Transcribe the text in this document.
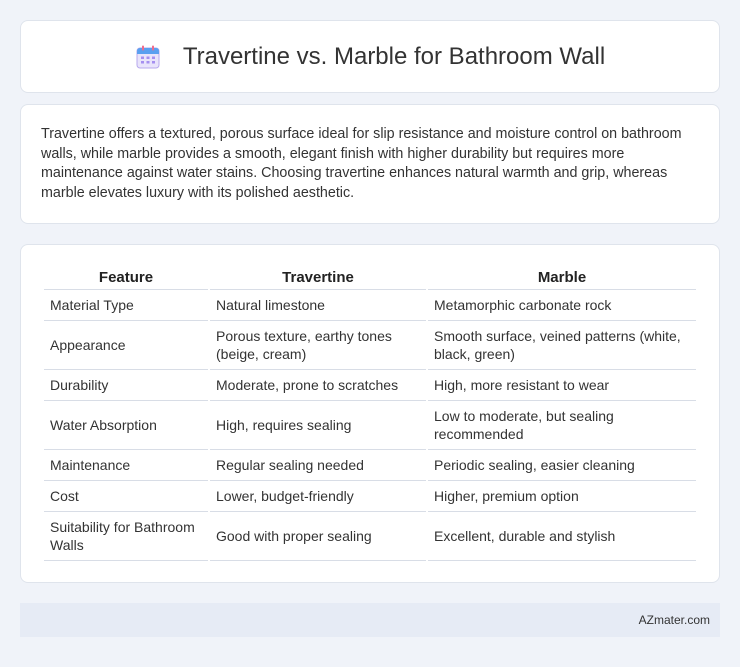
Travertine vs. Marble for Bathroom Wall

Travertine offers a textured, porous surface ideal for slip resistance and moisture control on bathroom walls, while marble provides a smooth, elegant finish with higher durability but requires more maintenance against water stains. Choosing travertine enhances natural warmth and grip, whereas marble elevates luxury with its polished aesthetic.

Feature	Travertine	Marble
Material Type	Natural limestone	Metamorphic carbonate rock
Appearance	Porous texture, earthy tones (beige, cream)	Smooth surface, veined patterns (white, black, green)
Durability	Moderate, prone to scratches	High, more resistant to wear
Water Absorption	High, requires sealing	Low to moderate, but sealing recommended
Maintenance	Regular sealing needed	Periodic sealing, easier cleaning
Cost	Lower, budget-friendly	Higher, premium option
Suitability for Bathroom Walls	Good with proper sealing	Excellent, durable and stylish
AZmater.com
